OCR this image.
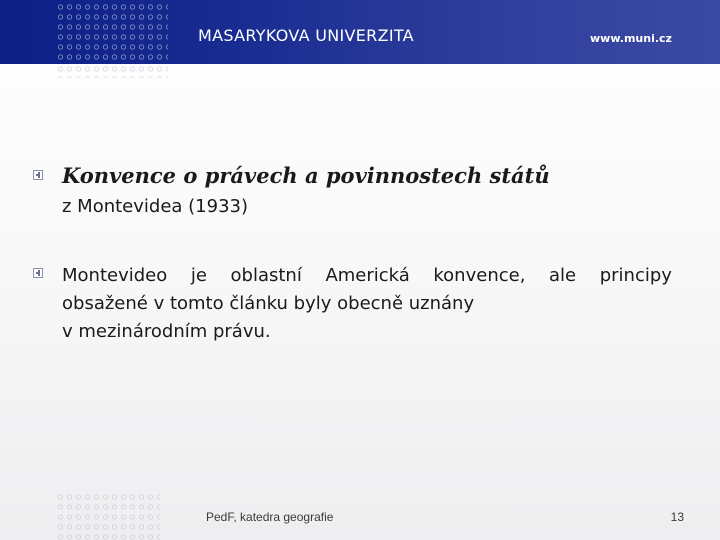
MASARYKOVA UNIVERZITA	www.muni.cz
Konvence o právech a povinnostech států
z Montevidea (1933)
Montevideo je oblastní Americká konvence, ale principy
obsažené v tomto článku byly obecně uznány
v mezinárodním právu.
PedF, katedra geografie	13
